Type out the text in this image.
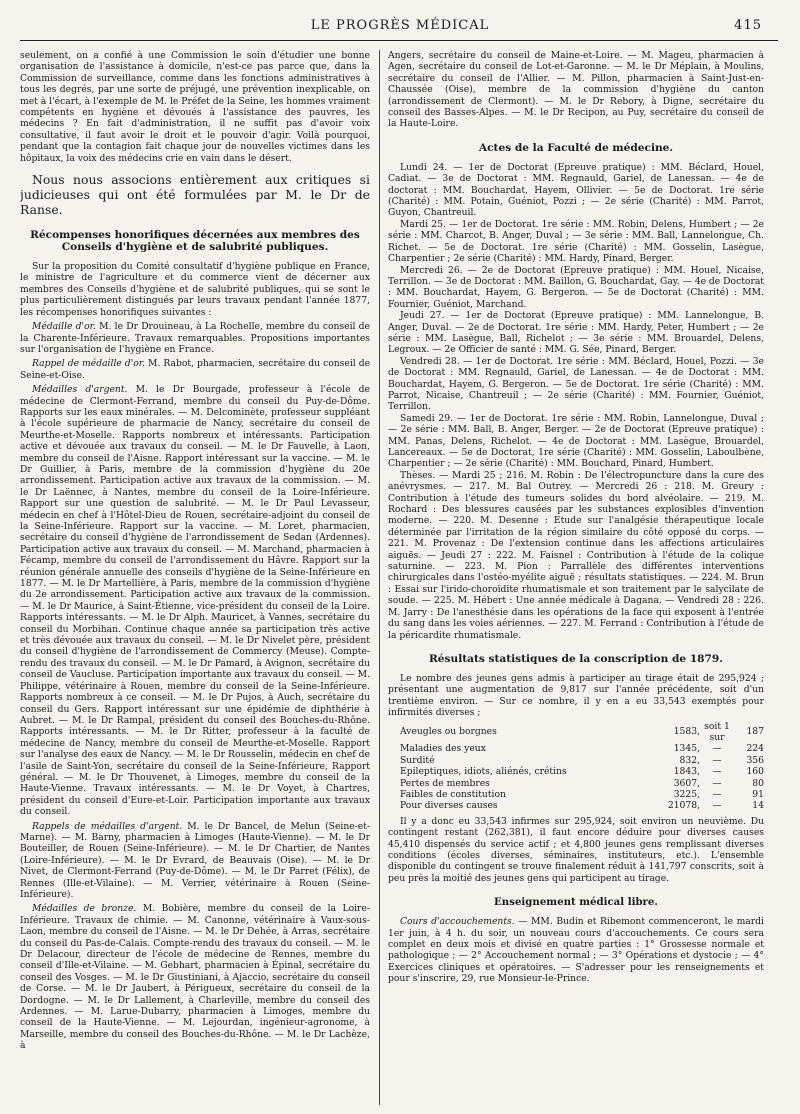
LE PROGRÈS MÉDICAL	415

seulement, on a confié à une Commission le soin d'étudier une bonne organisation de l'assistance à domicile, n'est-ce pas parce que, dans la Commission de surveillance, comme dans les fonctions administratives à tous les degrés, par une sorte de préjugé, une prévention inexplicable, on met à l'écart, à l'exemple de M. le Préfet de la Seine, les hommes vraiment compétents en hygiène et dévoués à l'assistance des pauvres, les médecins ? En fait d'administration, il ne suffit pas d'avoir voix consultative, il faut avoir le droit et le pouvoir d'agir. Voilà pourquoi, pendant que la contagion fait chaque jour de nouvelles victimes dans les hôpitaux, la voix des médecins crie en vain dans le désert.

Nous nous associons entièrement aux critiques si judicieuses qui ont été formulées par M. le Dr de Ranse.

Récompenses honorifiques décernées aux membres des Conseils d'hygiène et de salubrité publiques.

Sur la proposition du Comité consultatif d'hygiène publique en France, le ministre de l'agriculture et du commerce vient de décerner aux membres des Conseils d'hygiène et de salubrité publiques, qui se sont le plus particulièrement distingués par leurs travaux pendant l'année 1877, les récompenses honorifiques suivantes :

Médaille d'or. M. le Dr Drouineau, à La Rochelle, membre du conseil de la Charente-Inférieure. Travaux remarquables. Propositions importantes sur l'organisation de l'hygiène en France.

Rappel de médaille d'or. M. Rabot, pharmacien, secrétaire du conseil de Seine-et-Oise.

Médailles d'argent. M. le Dr Bourgade, professeur à l'école de médecine de Clermont-Ferrand, membre du conseil du Puy-de-Dôme. Rapports sur les eaux minérales. — M. Delcominète, professeur suppléant à l'école supérieure de pharmacie de Nancy, secrétaire du conseil de Meurthe-et-Moselle. Rapports nombreux et intéressants. Participation active et dévouée aux travaux du conseil. — M. le Dr Fauvelle, à Laon, membre du conseil de l'Aisne. Rapport intéressant sur la vaccine. — M. le Dr Guillier, à Paris, membre de la commission d'hygiène du 20e arrondissement. Participation active aux travaux de la commission. — M. le Dr Laënnec, à Nantes, membre du conseil de la Loire-Inférieure. Rapport sur une question de salubrité. — M. le Dr Paul Levasseur, médecin en chef à l'Hôtel-Dieu de Rouen, secrétaire-adjoint du conseil de la Seine-Inférieure. Rapport sur la vaccine. — M. Loret, pharmacien, secrétaire du conseil d'hygiène de l'arrondissement de Sedan (Ardennes). Participation active aux travaux du conseil. — M. Marchand, pharmacien à Fécamp, membre du conseil de l'arrondissement du Hâvre. Rapport sur la réunion générale annuelle des conseils d'hygiène de la Seine-Inférieure en 1877. — M. le Dr Martellière, à Paris, membre de la commission d'hygiène du 2e arrondissement. Participation active aux travaux de la commission. — M. le Dr Maurice, à Saint-Étienne, vice-président du conseil de la Loire. Rapports intéressants. — M. le Dr Alph. Mauricet, à Vannes, secrétaire du conseil du Morbihan. Continue chaque année sa participation très active et très dévouée aux travaux du conseil. — M. le Dr Nivelet père, président du conseil d'hygiène de l'arrondissement de Commercy (Meuse). Compte-rendu des travaux du conseil. — M. le Dr Pamard, à Avignon, secrétaire du conseil de Vaucluse. Participation importante aux travaux du conseil. — M. Philippe, vétérinaire à Rouen, membre du conseil de la Seine-Inférieure. Rapports nombreux à ce conseil. — M. le Dr Pujos, à Auch, secrétaire du conseil du Gers. Rapport intéressant sur une épidémie de diphthérie à Aubret. — M. le Dr Rampal, président du conseil des Bouches-du-Rhône. Rapports intéressants. — M. le Dr Ritter, professeur à la faculté de médecine de Nancy, membre du conseil de Meurthe-et-Moselle. Rapport sur l'analyse des eaux de Nancy. — M. le Dr Rousselin, médecin en chef de l'asile de Saint-Yon, secrétaire du conseil de la Seine-Inférieure, Rapport général. — M. le Dr Thouvenet, à Limoges, membre du conseil de la Haute-Vienne. Travaux intéressants. — M. le Dr Voyet, à Chartres, président du conseil d'Eure-et-Loir. Participation importante aux travaux du conseil.

Rappels de médailles d'argent. M. le Dr Bancel, de Melun (Seine-et-Marne). — M. Barny, pharmacien à Limoges (Haute-Vienne). — M. le Dr Bouteiller, de Rouen (Seine-Inférieure). — M. le Dr Chartier, de Nantes (Loire-Inférieure). — M. le Dr Evrard, de Beauvais (Oise). — M. le Dr Nivet, de Clermont-Ferrand (Puy-de-Dôme). — M. le Dr Parret (Félix), de Rennes (Ille-et-Vilaine). — M. Verrier, vétérinaire à Rouen (Seine-Inférieure).

Médailles de bronze. M. Bobière, membre du conseil de la Loire-Inférieure. Travaux de chimie. — M. Canonne, vétérinaire à Vaux-sous-Laon, membre du conseil de l'Aisne. — M. le Dr Dehée, à Arras, secrétaire du conseil du Pas-de-Calais. Compte-rendu des travaux du conseil. — M. le Dr Delacour, directeur de l'école de médecine de Rennes, membre du conseil d'Ille-et-Vilaine. — M. Gebhart, pharmacien à Épinal, secrétaire du conseil des Vosges. — M. le Dr Giustiniani, à Ajaccio, secrétaire du conseil de Corse. — M. le Dr Jaubert, à Périgueux, secrétaire du conseil de la Dordogne. — M. le Dr Lallement, à Charleville, membre du conseil des Ardennes. — M. Larue-Dubarry, pharmacien à Limoges, membre du conseil de la Haute-Vienne. — M. Lejourdan, ingénieur-agronome, à Marseille, membre du conseil des Bouches-du-Rhône. — M. le Dr Lachèze, à

Angers, secrétaire du conseil de Maine-et-Loire. — M. Mageu, pharmacien à Agen, secrétaire du conseil de Lot-et-Garonne. — M. le Dr Méplain, à Moulins, secrétaire du conseil de l'Allier. — M. Pillon, pharmacien à Saint-Just-en-Chaussée (Oise), membre de la commission d'hygiène du canton (arrondissement de Clermont). — M. le Dr Rebory, à Digne, secrétaire du conseil des Basses-Alpes. — M. le Dr Recipon, au Puy, secrétaire du conseil de la Haute-Loire.

Actes de la Faculté de médecine.

Lundi 24. — 1er de Doctorat (Epreuve pratique) : MM. Béclard, Houel, Cadiat. — 3e de Doctorat : MM. Regnauld, Gariel, de Lanessan. — 4e de doctorat : MM. Bouchardat, Hayem, Ollivier. — 5e de Doctorat. 1re série (Charité) : MM. Potain, Guéniot, Pozzi ; — 2e série (Charité) : MM. Parrot, Guyon, Chantreuil.

Mardi 25. — 1er de Doctorat. 1re série : MM. Robin, Delens, Humbert ; — 2e série : MM. Charcot, B. Anger, Duval ; — 3e série : MM. Ball, Lannelongue, Ch. Richet. — 5e de Doctorat. 1re série (Charité) : MM. Gosselin, Lasègue, Charpentier ; 2e série (Charité) : MM. Hardy, Pinard, Berger.

Mercredi 26. — 2e de Doctorat (Epreuve pratique) : MM. Houel, Nicaise, Terrillon. — 3e de Doctorat : MM. Baillon, G. Bouchardat, Gay. — 4e de Doctorat : MM. Bouchardat, Hayem, G. Bergeron. — 5e de Doctorat (Charité) : MM. Fournier, Guéniot, Marchand.

Jeudi 27. — 1er de Doctorat (Epreuve pratique) : MM. Lannelongue, B. Anger, Duval. — 2e de Doctorat. 1re série : MM. Hardy, Peter, Humbert ; — 2e série : MM. Lasègue, Ball, Richelot ; — 3e série : MM. Brouardel, Delens, Legroux. — 2e Officier de santé : MM. G. Sée, Pinard, Berger.

Vendredi 28. — 1er de Doctorat. 1re série : MM. Béclard, Houel, Pozzi. — 3e de Doctorat : MM. Regnauld, Gariel, de Lanessan. — 4e de Doctorat : MM. Bouchardat, Hayem, G. Bergeron. — 5e de Doctorat. 1re série (Charité) : MM. Parrot, Nicaise, Chantreuil ; — 2e série (Charité) : MM. Fournier, Guéniot, Terrillon.

Samedi 29. — 1er de Doctorat. 1re série : MM. Robin, Lannelongue, Duval ; — 2e série : MM. Ball, B. Anger, Berger. — 2e de Doctorat (Epreuve pratique) : MM. Panas, Delens, Richelot. — 4e de Doctorat : MM. Lasègue, Brouardel, Lancereaux. — 5e de Doctorat, 1re série (Charité) : MM. Gosselin, Laboulbène, Charpentier ; — 2e série (Charité) : MM. Bouchard, Pinard, Humbert.

Thèses. — Mardi 25 ; 216. M. Robin : De l'électropuncture dans la cure des anévrysmes. — 217. M. Bal Outrey. — Mercredi 26 : 218. M. Greury : Contribution à l'étude des tumeurs solides du bord alvéolaire. — 219. M. Rochard : Des blessures causées par les substances explosibles d'invention moderne. — 220. M. Desenne : Etude sur l'analgésie thérapeutique locale déterminée par l'irritation de la région similaire du côté opposé du corps. — 221. M. Provenaz : De l'extension continue dans les affections articulaires aiguës. — Jeudi 27 : 222. M. Faisnel : Contribution à l'étude de la colique saturnine. — 223. M. Pion : Parrallèle des différentes interventions chirurgicales dans l'ostéo-myélite aiguë ; résultats statistiques. — 224. M. Brun : Essai sur l'irido-choroïdite rhumatismale et son traitement par le salycilate de soude. — 225. M. Hébert : Une année médicale à Dagana. — Vendredi 28 : 226. M. Jarry : De l'anesthésie dans les opérations de la face qui exposent à l'entrée du sang dans les voies aériennes. — 227. M. Ferrand : Contribution à l'étude de la péricardite rhumatismale.

Résultats statistiques de la conscription de 1879.

Le nombre des jeunes gens admis à participer au tirage était de 295,924 ; présentant une augmentation de 9,817 sur l'année précédente, soit d'un trentième environ. — Sur ce nombre, il y en a eu 33,543 exemptés pour infirmités diverses ;

Aveugles ou borgnes	1583,	soit 1 sur	187
Maladies des yeux	1345,	—	224
Surdité	832,	—	356
Epileptiques, idiots, aliénés, crétins	1843,	—	160
Pertes de membres	3607,	—	80
Faibles de constitution	3225,	—	91
Pour diverses causes	21078,	—	14

Il y a donc eu 33,543 infirmes sur 295,924, soit environ un neuvième. Du contingent restant (262,381), il faut encore déduire pour diverses causes 45,410 dispensés du service actif ; et 4,800 jeunes gens remplissant diverses conditions (écoles diverses, séminaires, instituteurs, etc.). L'ensemble disponible du contingent se trouve finalement réduit à 141,797 conscrits, soit à peu près la moitié des jeunes gens qui participent au tirage.

Enseignement médical libre.

Cours d'accouchements. — MM. Budin et Ribemont commenceront, le mardi 1er juin, à 4 h. du soir, un nouveau cours d'accouchements. Ce cours sera complet en deux mois et divisé en quatre parties : 1° Grossesse normale et pathologique ; — 2° Accouchement normal ; — 3° Opérations et dystocie ; — 4° Exercices cliniques et opératoires. — S'adresser pour les renseignements et pour s'inscrire, 29, rue Monsieur-le-Prince.
